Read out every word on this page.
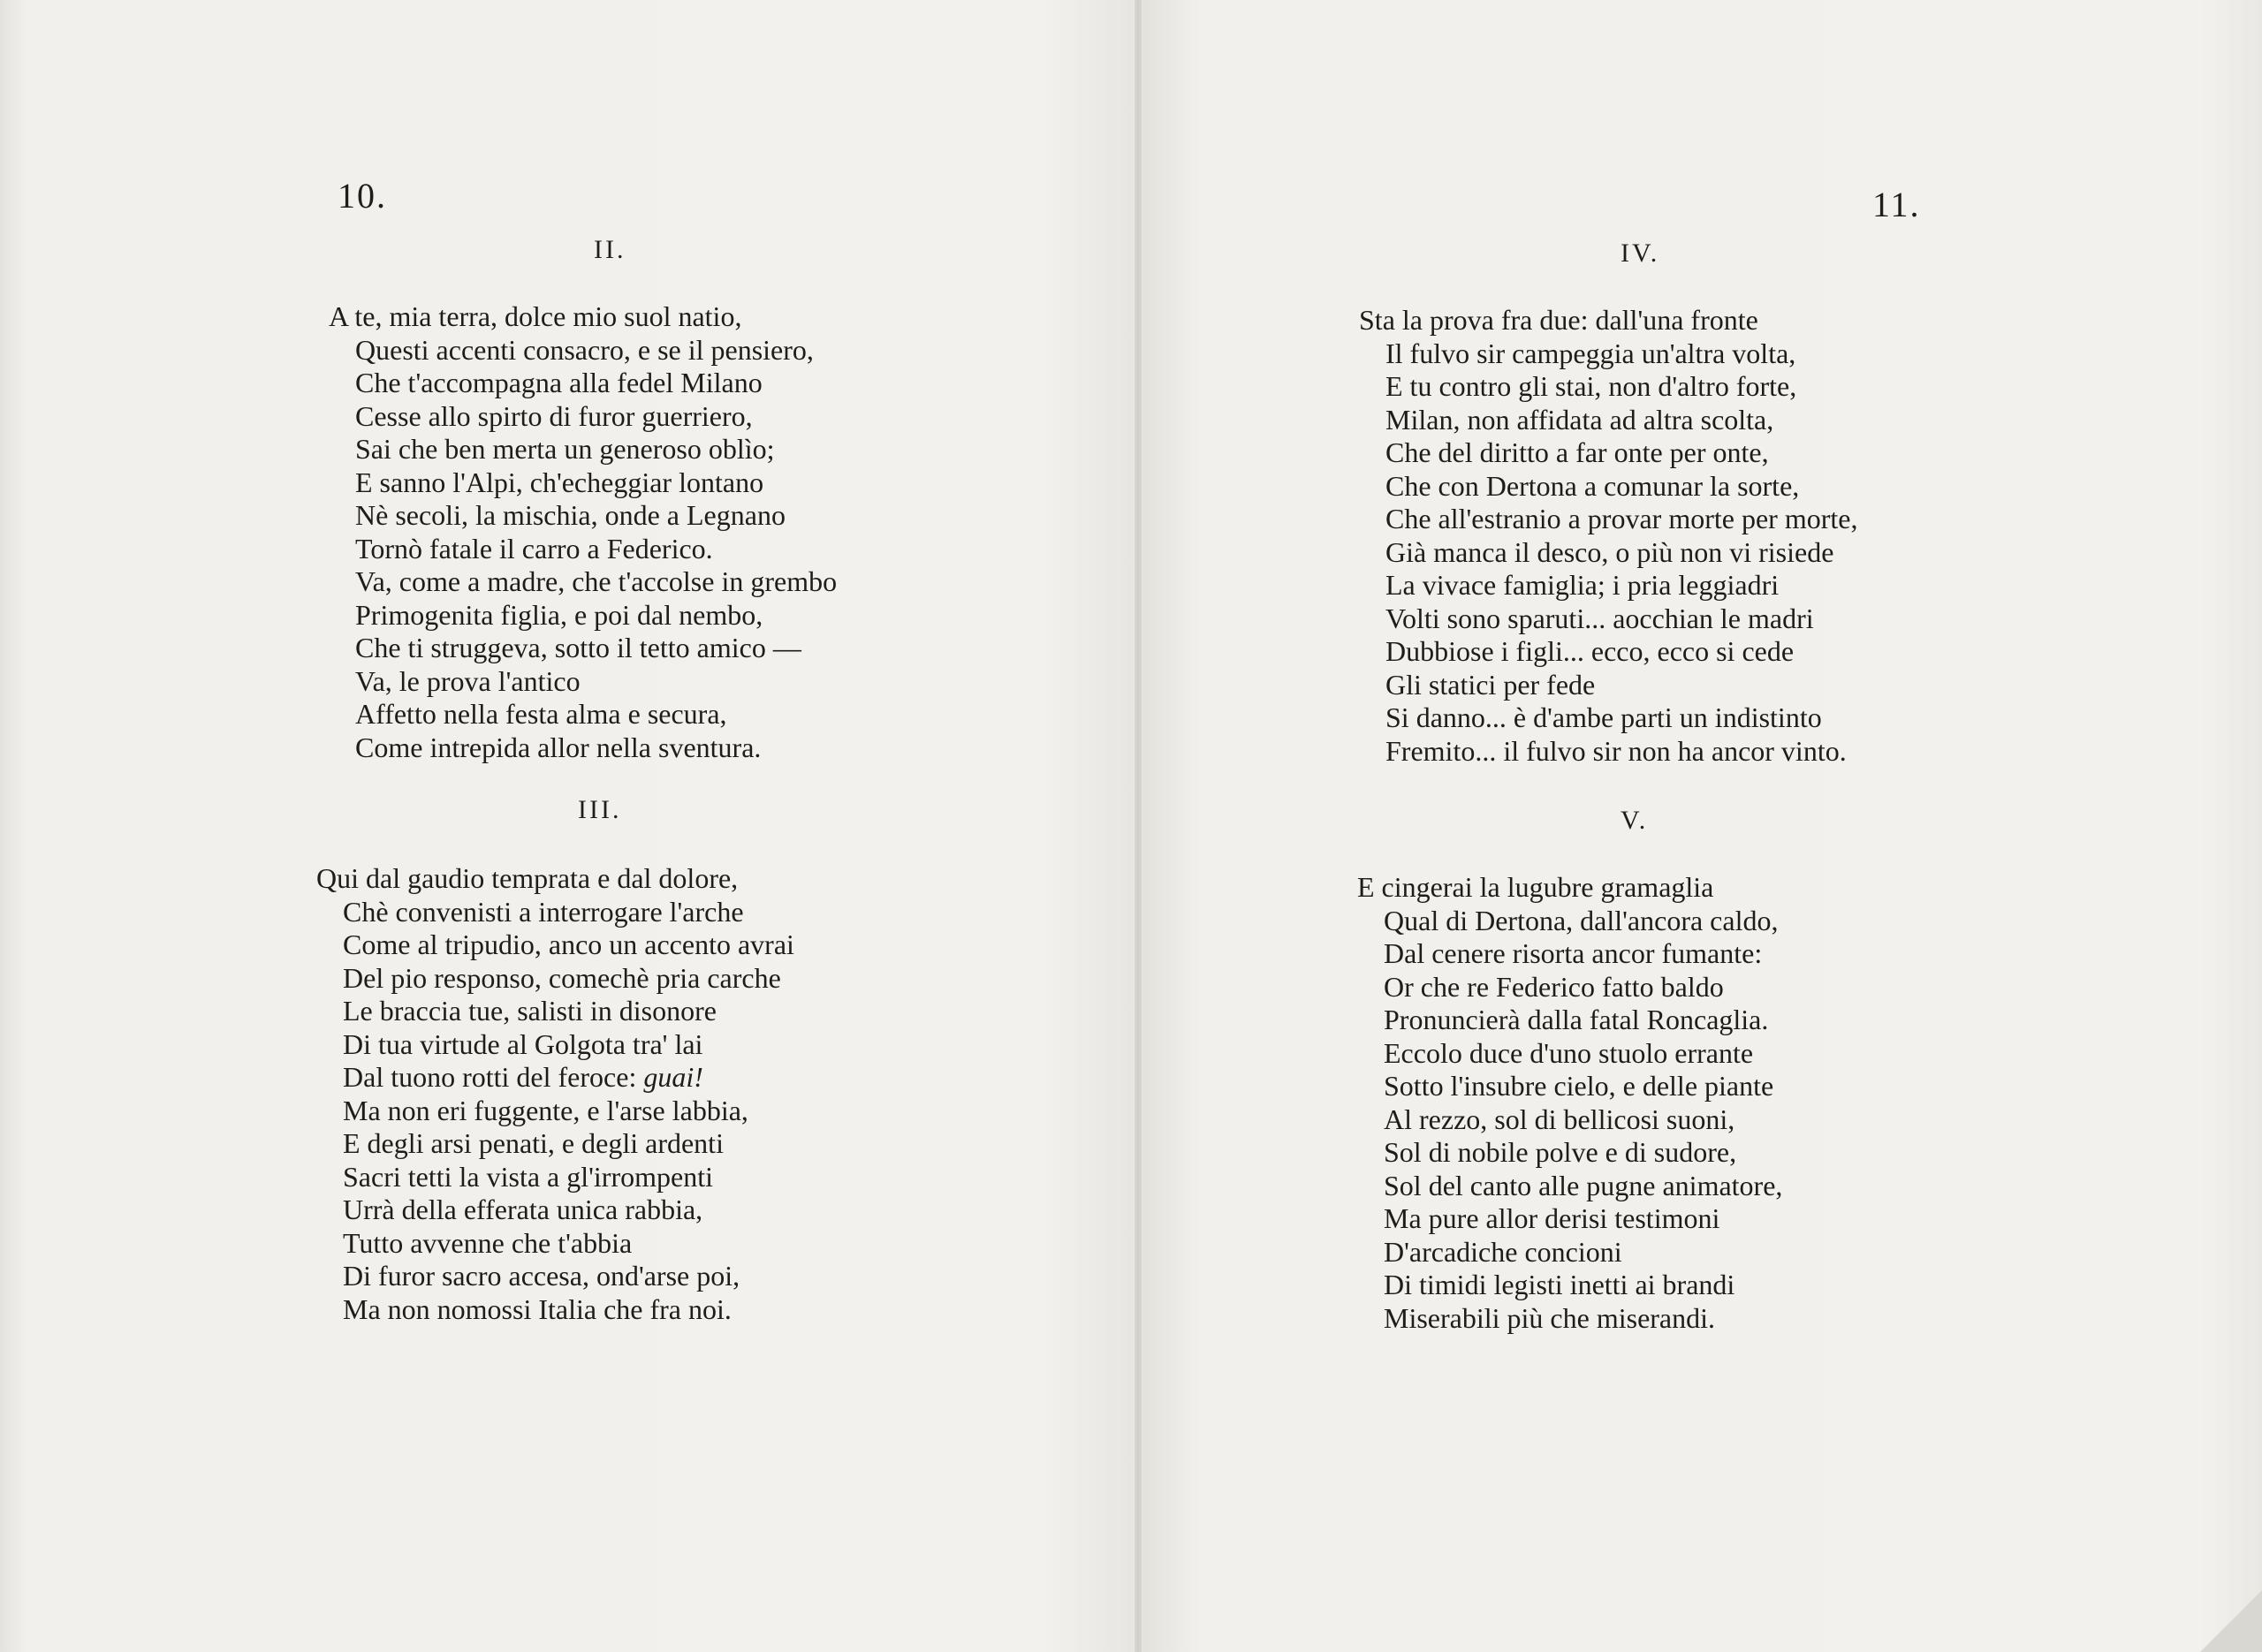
10.
II.
A te, mia terra, dolce mio suol natio,
Questi accenti consacro, e se il pensiero,
Che t'accompagna alla fedel Milano
Cesse allo spirto di furor guerriero,
Sai che ben merta un generoso oblìo;
E sanno l'Alpi, ch'echeggiar lontano
Nè secoli, la mischia, onde a Legnano
Tornò fatale il carro a Federico.
Va, come a madre, che t'accolse in grembo
Primogenita figlia, e poi dal nembo,
Che ti struggeva, sotto il tetto amico —
Va, le prova l'antico
Affetto nella festa alma e secura,
Come intrepida allor nella sventura.
III.
Qui dal gaudio temprata e dal dolore,
Chè convenisti a interrogare l'arche
Come al tripudio, anco un accento avrai
Del pio responso, comechè pria carche
Le braccia tue, salisti in disonore
Di tua virtude al Golgota tra' lai
Dal tuono rotti del feroce: guai!
Ma non eri fuggente, e l'arse labbia,
E degli arsi penati, e degli ardenti
Sacri tetti la vista a gl'irrompenti
Urrà della efferata unica rabbia,
Tutto avvenne che t'abbia
Di furor sacro accesa, ond'arse poi,
Ma non nomossi Italia che fra noi.
11.
IV.
Sta la prova fra due: dall'una fronte
Il fulvo sir campeggia un'altra volta,
E tu contro gli stai, non d'altro forte,
Milan, non affidata ad altra scolta,
Che del diritto a far onte per onte,
Che con Dertona a comunar la sorte,
Che all'estranio a provar morte per morte,
Già manca il desco, o più non vi risiede
La vivace famiglia; i pria leggiadri
Volti sono sparuti... aocchian le madri
Dubbiose i figli... ecco, ecco si cede
Gli statici per fede
Si danno... è d'ambe parti un indistinto
Fremito... il fulvo sir non ha ancor vinto.
V.
E cingerai la lugubre gramaglia
Qual di Dertona, dall'ancora caldo,
Dal cenere risorta ancor fumante:
Or che re Federico fatto baldo
Pronuncierà dalla fatal Roncaglia.
Eccolo duce d'uno stuolo errante
Sotto l'insubre cielo, e delle piante
Al rezzo, sol di bellicosi suoni,
Sol di nobile polve e di sudore,
Sol del canto alle pugne animatore,
Ma pure allor derisi testimoni
D'arcadiche concioni
Di timidi legisti inetti ai brandi
Miserabili più che miserandi.
